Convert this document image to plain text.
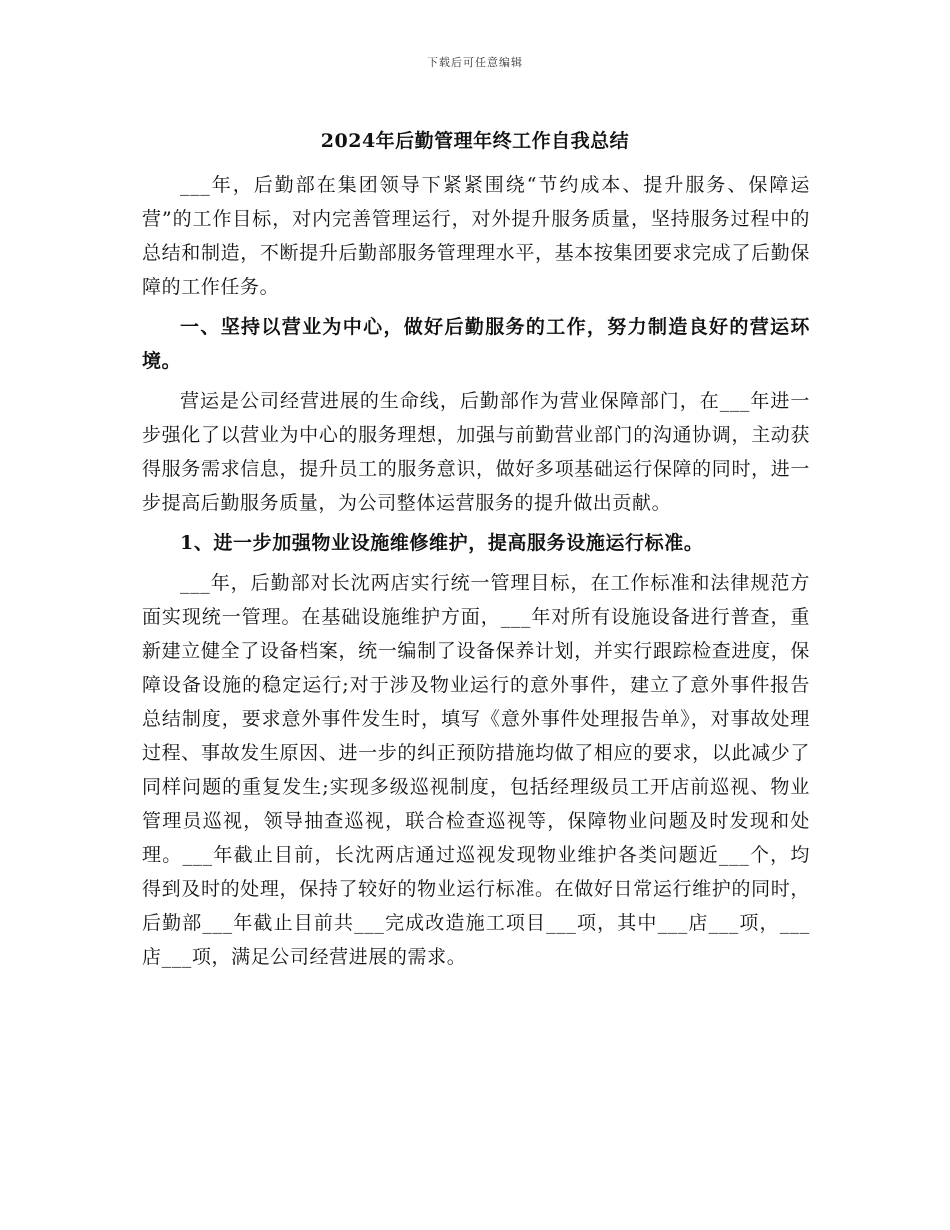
下载后可任意编辑
2024年后勤管理年终工作自我总结

___年，后勤部在集团领导下紧紧围绕“节约成本、提升服务、保障运营”的工作目标，对内完善管理运行，对外提升服务质量，坚持服务过程中的总结和制造，不断提升后勤部服务管理理水平，基本按集团要求完成了后勤保障的工作任务。

一、坚持以营业为中心，做好后勤服务的工作，努力制造良好的营运环境。

营运是公司经营进展的生命线，后勤部作为营业保障部门，在___年进一步强化了以营业为中心的服务理想，加强与前勤营业部门的沟通协调，主动获得服务需求信息，提升员工的服务意识，做好多项基础运行保障的同时，进一步提高后勤服务质量，为公司整体运营服务的提升做出贡献。

1、进一步加强物业设施维修维护，提高服务设施运行标准。

___年，后勤部对长沈两店实行统一管理目标，在工作标准和法律规范方面实现统一管理。在基础设施维护方面，___年对所有设施设备进行普查，重新建立健全了设备档案，统一编制了设备保养计划，并实行跟踪检查进度，保障设备设施的稳定运行;对于涉及物业运行的意外事件，建立了意外事件报告总结制度，要求意外事件发生时，填写《意外事件处理报告单》，对事故处理过程、事故发生原因、进一步的纠正预防措施均做了相应的要求，以此减少了同样问题的重复发生;实现多级巡视制度，包括经理级员工开店前巡视、物业管理员巡视，领导抽查巡视，联合检查巡视等，保障物业问题及时发现和处理。___年截止目前，长沈两店通过巡视发现物业维护各类问题近___个，均得到及时的处理，保持了较好的物业运行标准。在做好日常运行维护的同时，后勤部___年截止目前共___完成改造施工项目___项，其中___店___项，___店___项，满足公司经营进展的需求。
